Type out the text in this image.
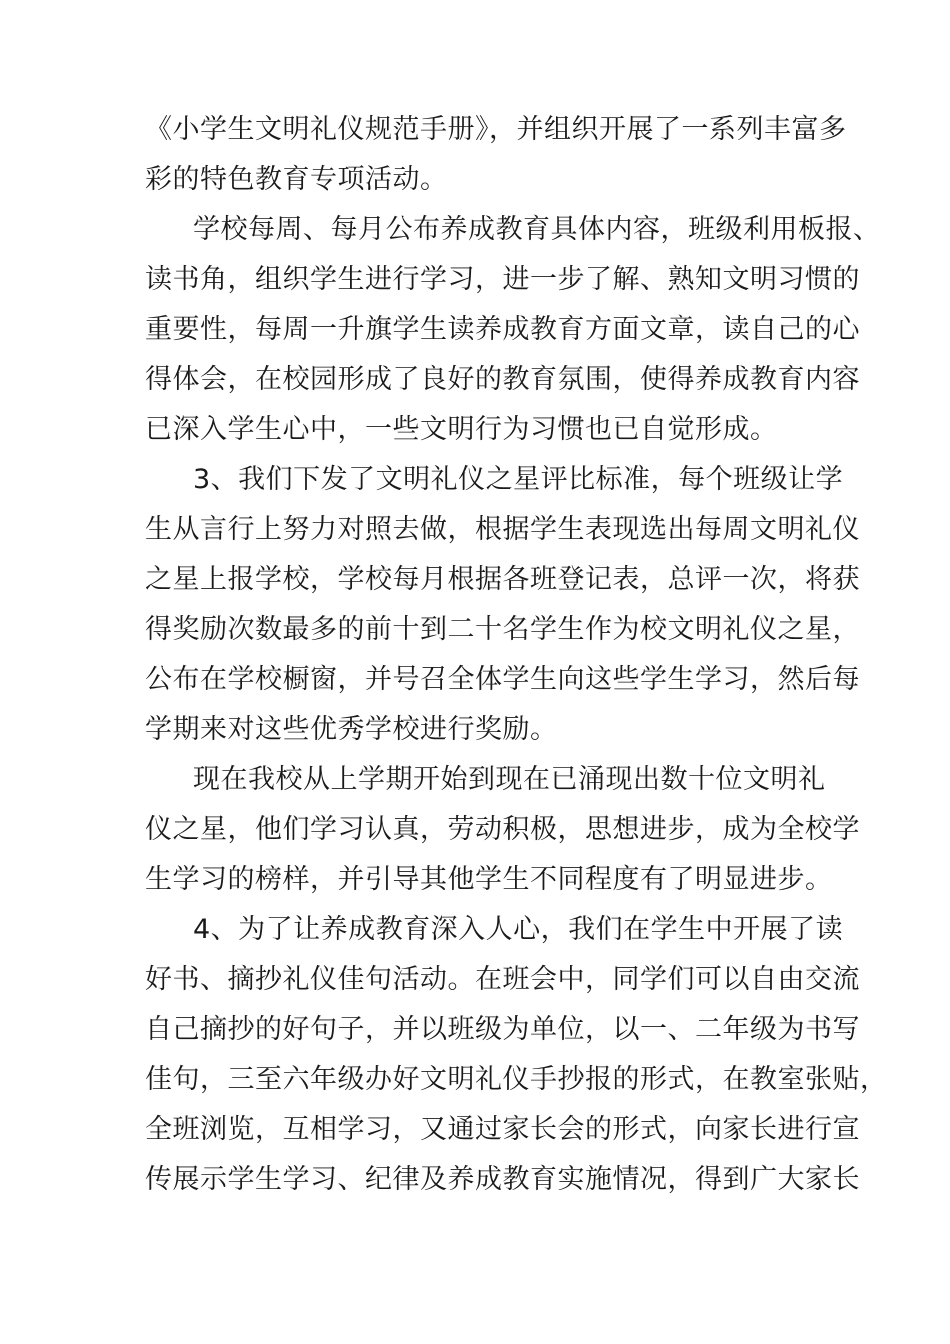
《小学生文明礼仪规范手册》，并组织开展了一系列丰富多
彩的特色教育专项活动。
学校每周、每月公布养成教育具体内容，班级利用板报、
读书角，组织学生进行学习，进一步了解、熟知文明习惯的
重要性，每周一升旗学生读养成教育方面文章，读自己的心
得体会，在校园形成了良好的教育氛围，使得养成教育内容
已深入学生心中，一些文明行为习惯也已自觉形成。
3、我们下发了文明礼仪之星评比标准，每个班级让学
生从言行上努力对照去做，根据学生表现选出每周文明礼仪
之星上报学校，学校每月根据各班登记表，总评一次，将获
得奖励次数最多的前十到二十名学生作为校文明礼仪之星，
公布在学校橱窗，并号召全体学生向这些学生学习，然后每
学期来对这些优秀学校进行奖励。
现在我校从上学期开始到现在已涌现出数十位文明礼
仪之星，他们学习认真，劳动积极，思想进步，成为全校学
生学习的榜样，并引导其他学生不同程度有了明显进步。
4、为了让养成教育深入人心，我们在学生中开展了读
好书、摘抄礼仪佳句活动。在班会中，同学们可以自由交流
自己摘抄的好句子，并以班级为单位，以一、二年级为书写
佳句，三至六年级办好文明礼仪手抄报的形式，在教室张贴，
全班浏览，互相学习，又通过家长会的形式，向家长进行宣
传展示学生学习、纪律及养成教育实施情况，得到广大家长
